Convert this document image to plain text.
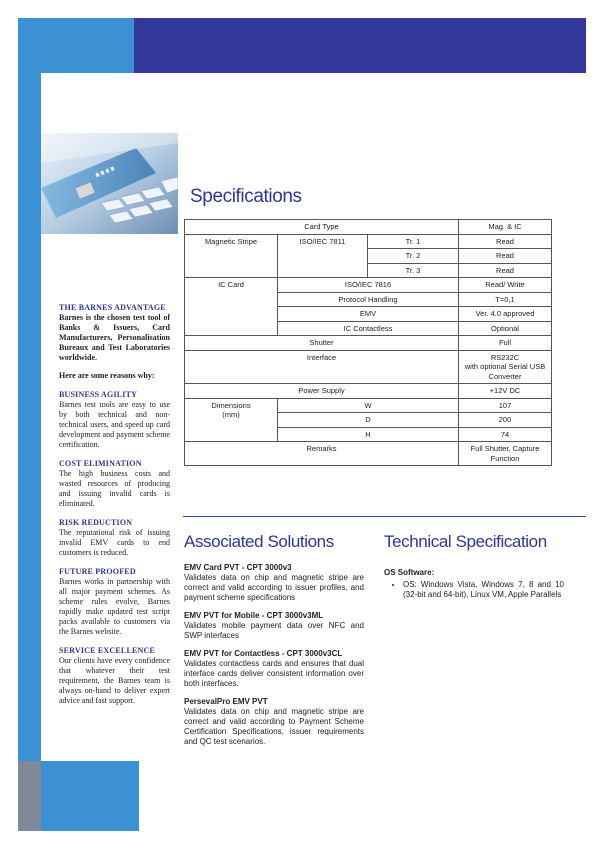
THE BARNES ADVANTAGE

Barnes is the chosen test tool of Banks & Issuers, Card Manufacturers, Personalisation Bureaux and Test Laboratories worldwide.

Here are some reasons why:

BUSINESS AGILITY

Barnes test tools are easy to use by both technical and non-technical users, and speed up card development and payment scheme certification.

COST ELIMINATION

The high business costs and wasted resources of producing and issuing invalid cards is eliminated.

RISK REDUCTION

The reputational risk of issuing invalid EMV cards to end customers is reduced.

FUTURE PROOFED

Barnes works in partnership with all major payment schemes. As scheme rules evolve, Barnes rapidly make updated test script packs available to customers via the Barnes website.

SERVICE EXCELLENCE

Our clients have every confidence that whatever their test requirement, the Barnes team is always on-hand to deliver expert advice and fast support.

Specifications
Card Type			Mag. & IC
Magnetic Stripe	ISO/IEC 7811	Tr. 1	Read
		Tr. 2	Read
		Tr. 3	Read
IC Card	ISO/IEC 7816		Read/ Write
	Protocol Handling		T=0,1
	EMV		Ver. 4.0 approved
	IC Contactless		Optional
Shutter			Full
Interface			RS232C
with optional Serial USB
Converter
Power Supply			+12V DC
Dimensions
(mm)	W		107
	D		200
	H		74
Remarks			Full Shutter, Capture
Function
Associated Solutions
EMV Card PVT - CPT 3000v3
Validates data on chip and magnetic stripe are correct and valid according to issuer profiles, and payment scheme specifications
EMV PVT for Mobile - CPT 3000v3ML
Validates mobile payment data over NFC and SWP interfaces
EMV PVT for Contactless - CPT 3000v3CL
Validates contactless cards and ensures that dual interface cards deliver consistent information over both interfaces.
PersevalPro EMV PVT
Validates data on chip and magnetic stripe are correct and valid according to Payment Scheme Certification Specifications, issuer requirements and QC test scenarios.
Technical Specification
OS Software:
• OS: Windows Vista, Windows 7, 8 and 10 (32-bit and 64-bit), Linux VM, Apple Parallels
